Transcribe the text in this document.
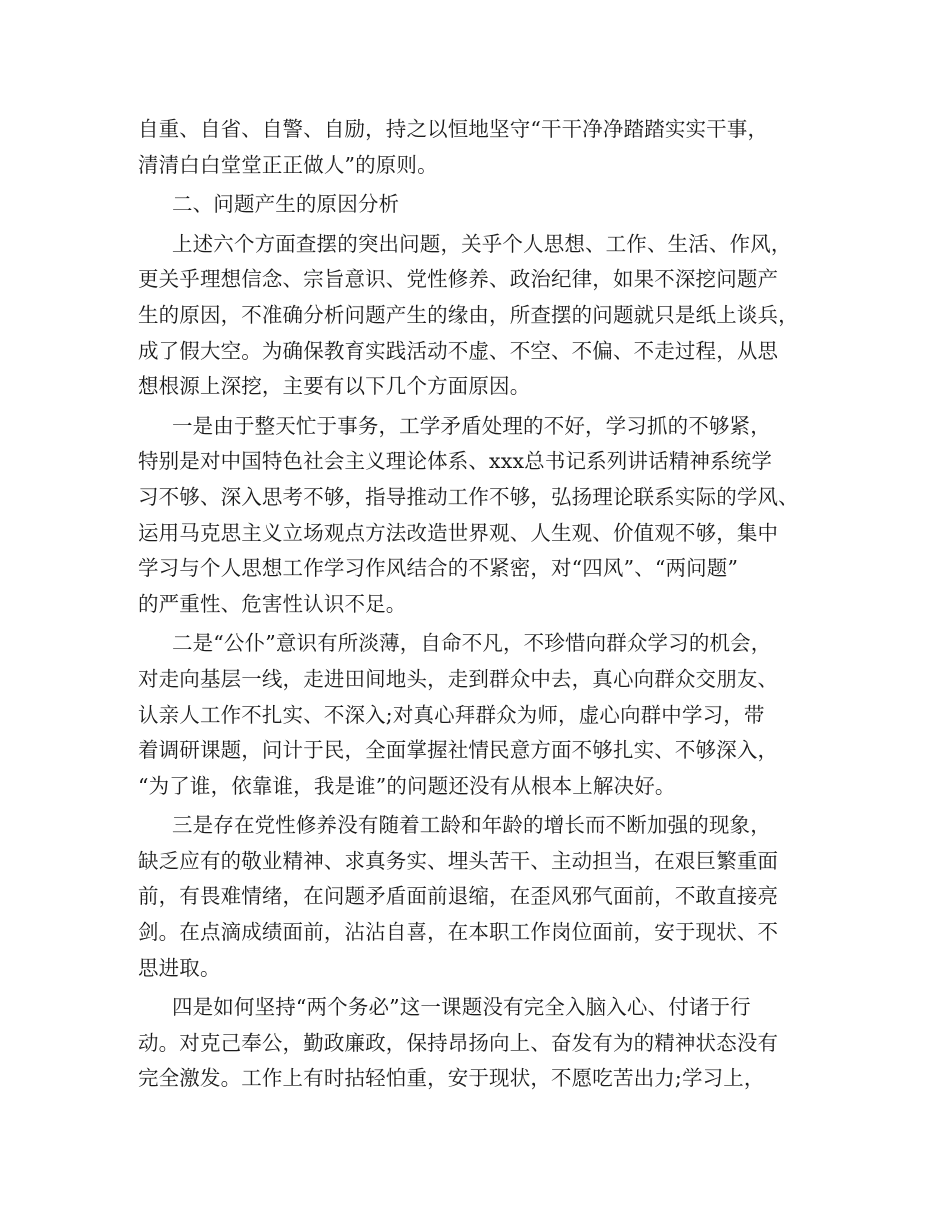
自重、自省、自警、自励，持之以恒地坚守“干干净净踏踏实实干事，
清清白白堂堂正正做人”的原则。
二、问题产生的原因分析
上述六个方面查摆的突出问题，关乎个人思想、工作、生活、作风，
更关乎理想信念、宗旨意识、党性修养、政治纪律，如果不深挖问题产
生的原因，不准确分析问题产生的缘由，所查摆的问题就只是纸上谈兵，
成了假大空。为确保教育实践活动不虚、不空、不偏、不走过程，从思
想根源上深挖，主要有以下几个方面原因。
一是由于整天忙于事务，工学矛盾处理的不好，学习抓的不够紧，
特别是对中国特色社会主义理论体系、xxx总书记系列讲话精神系统学
习不够、深入思考不够，指导推动工作不够，弘扬理论联系实际的学风、
运用马克思主义立场观点方法改造世界观、人生观、价值观不够，集中
学习与个人思想工作学习作风结合的不紧密，对“四风”、“两问题”
的严重性、危害性认识不足。
二是“公仆”意识有所淡薄，自命不凡，不珍惜向群众学习的机会，
对走向基层一线，走进田间地头，走到群众中去，真心向群众交朋友、
认亲人工作不扎实、不深入;对真心拜群众为师，虚心向群中学习，带
着调研课题，问计于民，全面掌握社情民意方面不够扎实、不够深入，
“为了谁，依靠谁，我是谁”的问题还没有从根本上解决好。
三是存在党性修养没有随着工龄和年龄的增长而不断加强的现象，
缺乏应有的敬业精神、求真务实、埋头苦干、主动担当，在艰巨繁重面
前，有畏难情绪，在问题矛盾面前退缩，在歪风邪气面前，不敢直接亮
剑。在点滴成绩面前，沾沾自喜，在本职工作岗位面前，安于现状、不
思进取。
四是如何坚持“两个务必”这一课题没有完全入脑入心、付诸于行
动。对克己奉公，勤政廉政，保持昂扬向上、奋发有为的精神状态没有
完全激发。工作上有时拈轻怕重，安于现状，不愿吃苦出力;学习上，
